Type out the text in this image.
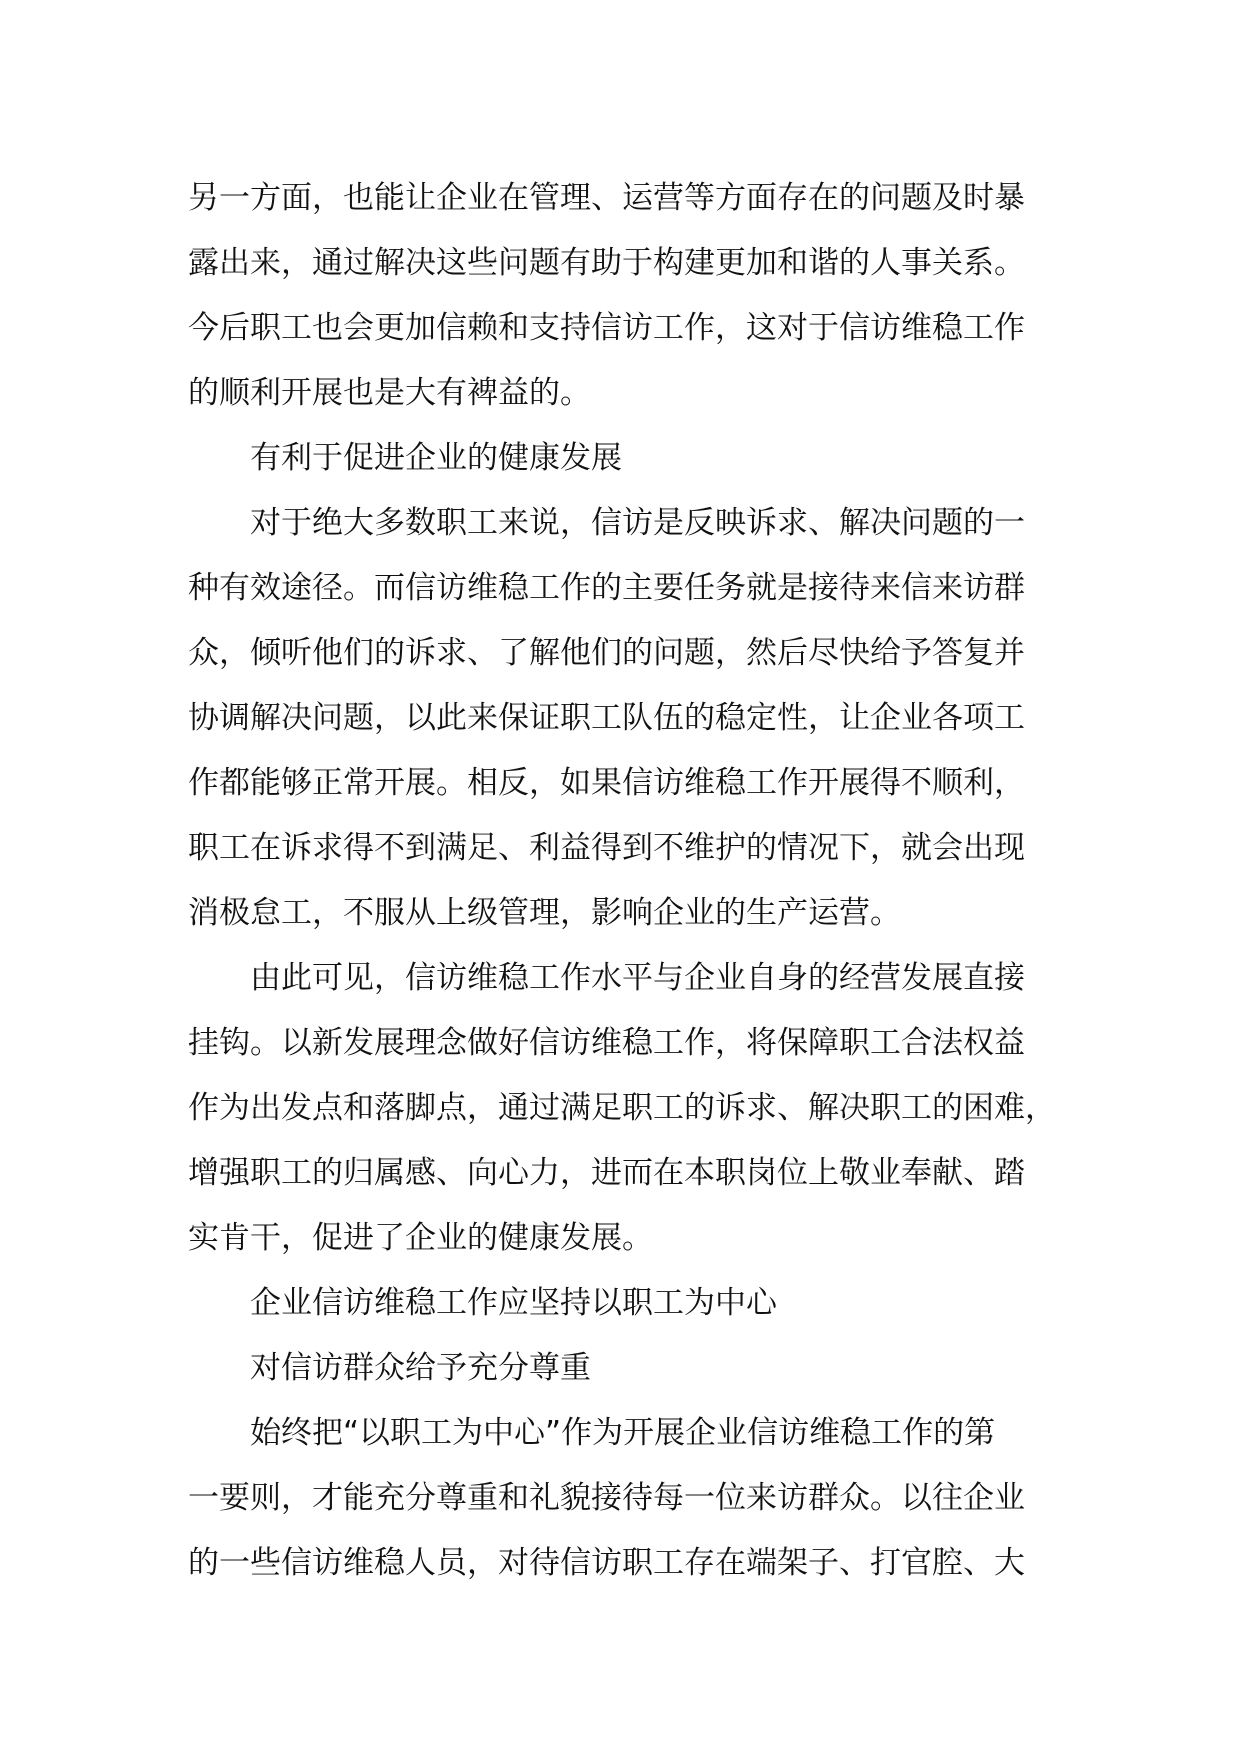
另一方面，也能让企业在管理、运营等方面存在的问题及时暴
露出来，通过解决这些问题有助于构建更加和谐的人事关系。
今后职工也会更加信赖和支持信访工作，这对于信访维稳工作
的顺利开展也是大有裨益的。
有利于促进企业的健康发展
对于绝大多数职工来说，信访是反映诉求、解决问题的一
种有效途径。而信访维稳工作的主要任务就是接待来信来访群
众，倾听他们的诉求、了解他们的问题，然后尽快给予答复并
协调解决问题，以此来保证职工队伍的稳定性，让企业各项工
作都能够正常开展。相反，如果信访维稳工作开展得不顺利，
职工在诉求得不到满足、利益得到不维护的情况下，就会出现
消极怠工，不服从上级管理，影响企业的生产运营。
由此可见，信访维稳工作水平与企业自身的经营发展直接
挂钩。以新发展理念做好信访维稳工作，将保障职工合法权益
作为出发点和落脚点，通过满足职工的诉求、解决职工的困难，
增强职工的归属感、向心力，进而在本职岗位上敬业奉献、踏
实肯干，促进了企业的健康发展。
企业信访维稳工作应坚持以职工为中心
对信访群众给予充分尊重
始终把“以职工为中心”作为开展企业信访维稳工作的第
一要则，才能充分尊重和礼貌接待每一位来访群众。以往企业
的一些信访维稳人员，对待信访职工存在端架子、打官腔、大
